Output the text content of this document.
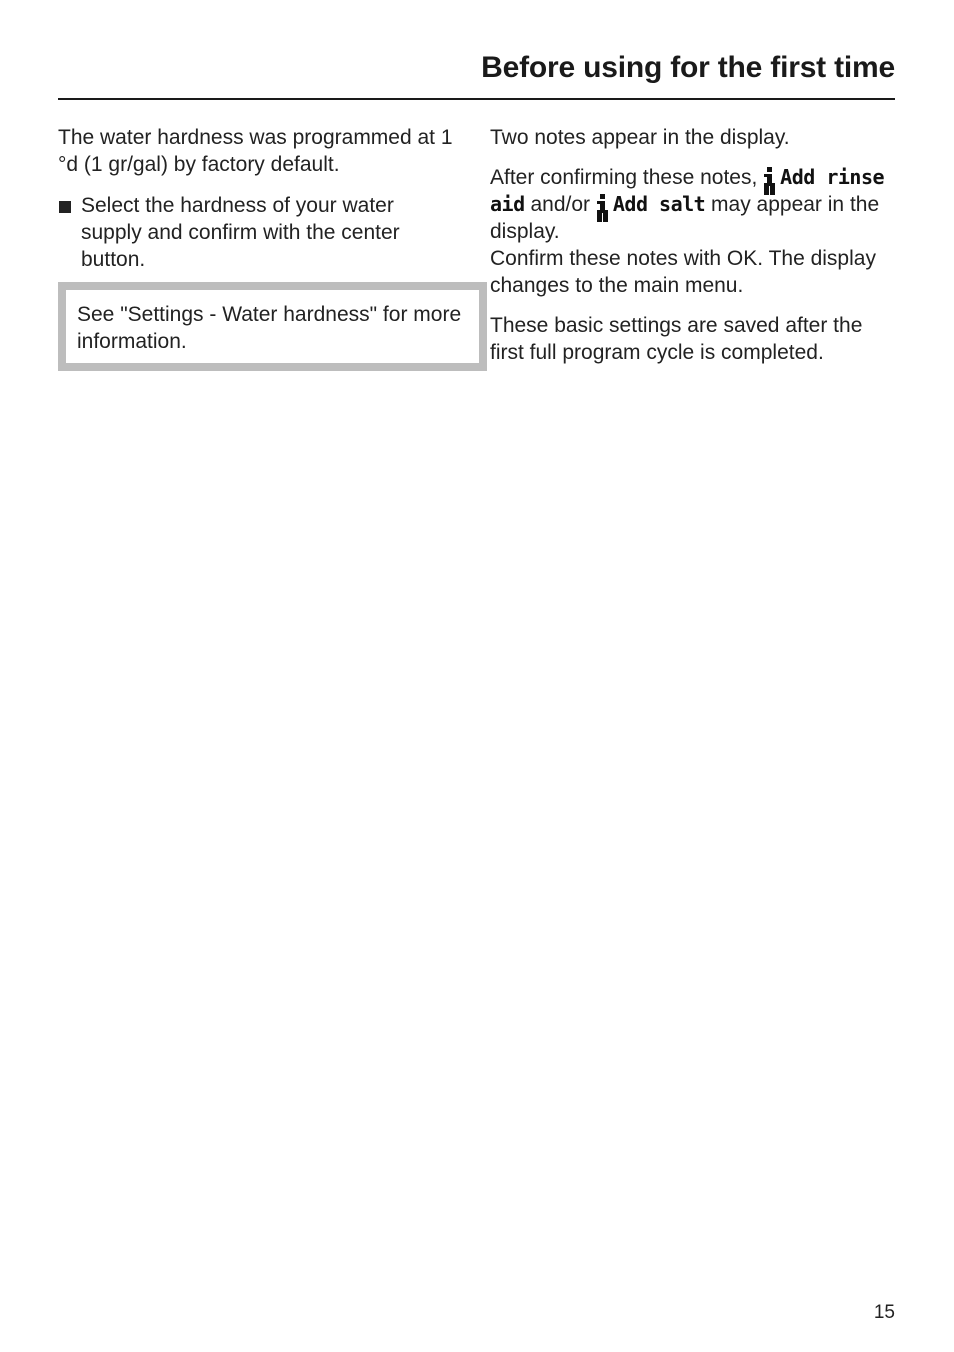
Before using for the first time

The water hardness was programmed at 1 °d (1 gr/gal) by factory default.

Select the hardness of your water supply and confirm with the center button.
See "Settings - Water hardness" for more information.

Two notes appear in the display.

After confirming these notes, Add rinse aid and/or Add salt may appear in the display.
Confirm these notes with OK. The display changes to the main menu.

These basic settings are saved after the first full program cycle is completed.

15
